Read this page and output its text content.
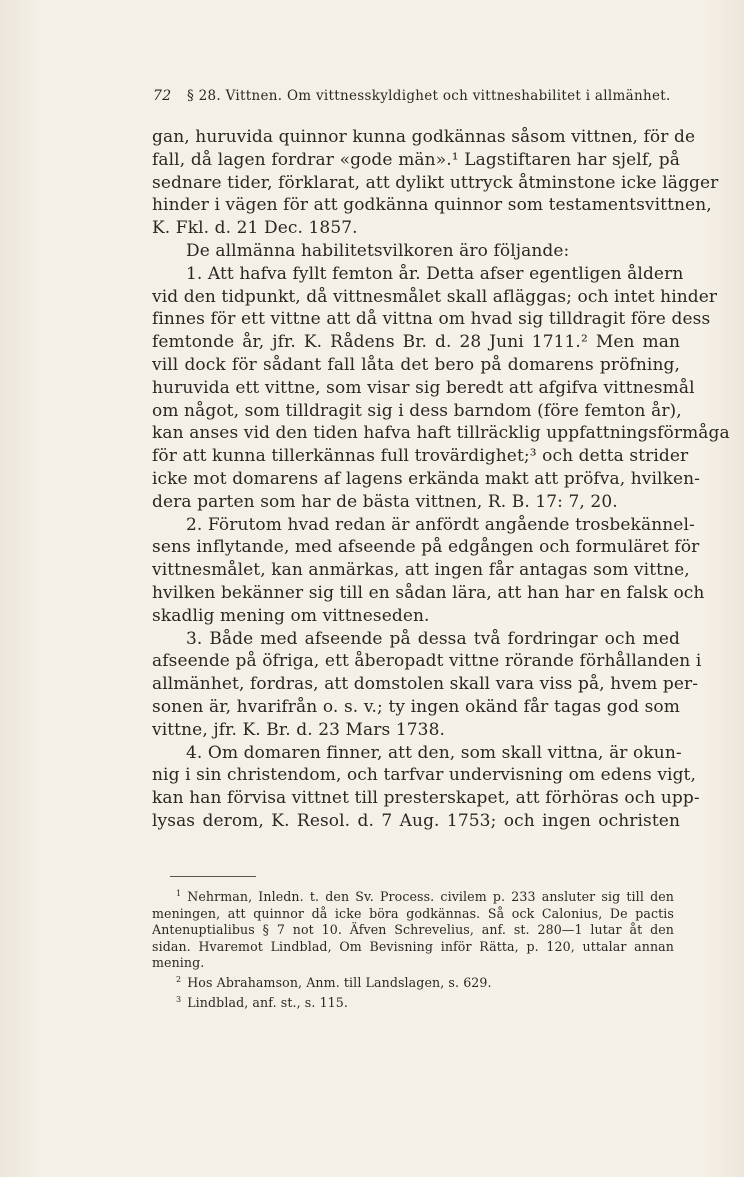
72 § 28. Vittnen. Om vittnesskyldighet och vittneshabilitet i allmänhet.
gan, huruvida quinnor kunna godkännas såsom vittnen, för de
fall, då lagen fordrar «gode män».¹ Lagstiftaren har sjelf, på
sednare tider, förklarat, att dylikt uttryck åtminstone icke lägger
hinder i vägen för att godkänna quinnor som testamentsvittnen,
K. Fkl. d. 21 Dec. 1857.
De allmänna habilitetsvilkoren äro följande:
1. Att hafva fyllt femton år. Detta afser egentligen åldern
vid den tidpunkt, då vittnesmålet skall afläggas; och intet hinder
finnes för ett vittne att då vittna om hvad sig tilldragit före dess
femtonde år, jfr. K. Rådens Br. d. 28 Juni 1711.² Men man
vill dock för sådant fall låta det bero på domarens pröfning,
huruvida ett vittne, som visar sig beredt att afgifva vittnesmål
om något, som tilldragit sig i dess barndom (före femton år),
kan anses vid den tiden hafva haft tillräcklig uppfattningsförmåga
för att kunna tillerkännas full trovärdighet;³ och detta strider
icke mot domarens af lagens erkända makt att pröfva, hvilken-
dera parten som har de bästa vittnen, R. B. 17: 7, 20.
2. Förutom hvad redan är anfördt angående trosbekännel-
sens inflytande, med afseende på edgången och formuläret för
vittnesmålet, kan anmärkas, att ingen får antagas som vittne,
hvilken bekänner sig till en sådan lära, att han har en falsk och
skadlig mening om vittneseden.
3. Både med afseende på dessa två fordringar och med
afseende på öfriga, ett åberopadt vittne rörande förhållanden i
allmänhet, fordras, att domstolen skall vara viss på, hvem per-
sonen är, hvarifrån o. s. v.; ty ingen okänd får tagas god som
vittne, jfr. K. Br. d. 23 Mars 1738.
4. Om domaren finner, att den, som skall vittna, är okun-
nig i sin christendom, och tarfvar undervisning om edens vigt,
kan han förvisa vittnet till presterskapet, att förhöras och upp-
lysas derom, K. Resol. d. 7 Aug. 1753; och ingen ochristen
$^1$ Nehrman, Inledn. t. den Sv. Process. civilem p. 233 ansluter sig till den
meningen, att quinnor då icke böra godkännas. Så ock Calonius, De pactis
Antenuptialibus § 7 not 10. Äfven Schrevelius, anf. st. 280—1 lutar åt den
sidan. Hvaremot Lindblad, Om Bevisning inför Rätta, p. 120, uttalar annan
mening.
$^2$ Hos Abrahamson, Anm. till Landslagen, s. 629.
$^3$ Lindblad, anf. st., s. 115.
